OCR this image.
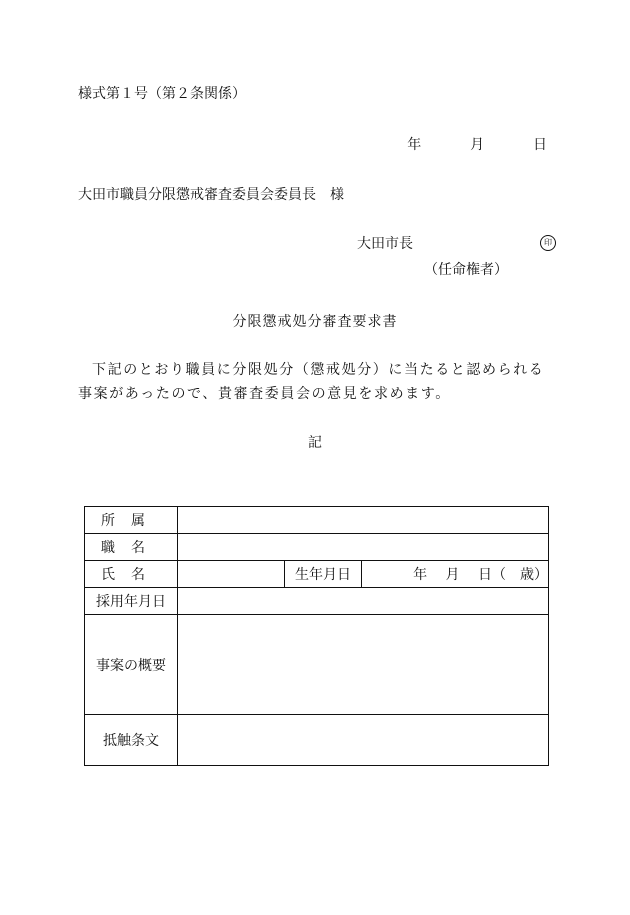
様式第１号（第２条関係）
年	月	日
大田市職員分限懲戒審査委員会委員長　様
大田市長	印
（任命権者）
分限懲戒処分審査要求書
下記のとおり職員に分限処分（懲戒処分）に当たると認められる事案があったので、貴審査委員会の意見を求めます。
記
所属			
職名			
氏名		生年月日	年　 月　 日（　歳）
採用年月日			
事案の概要			
抵触条文			
